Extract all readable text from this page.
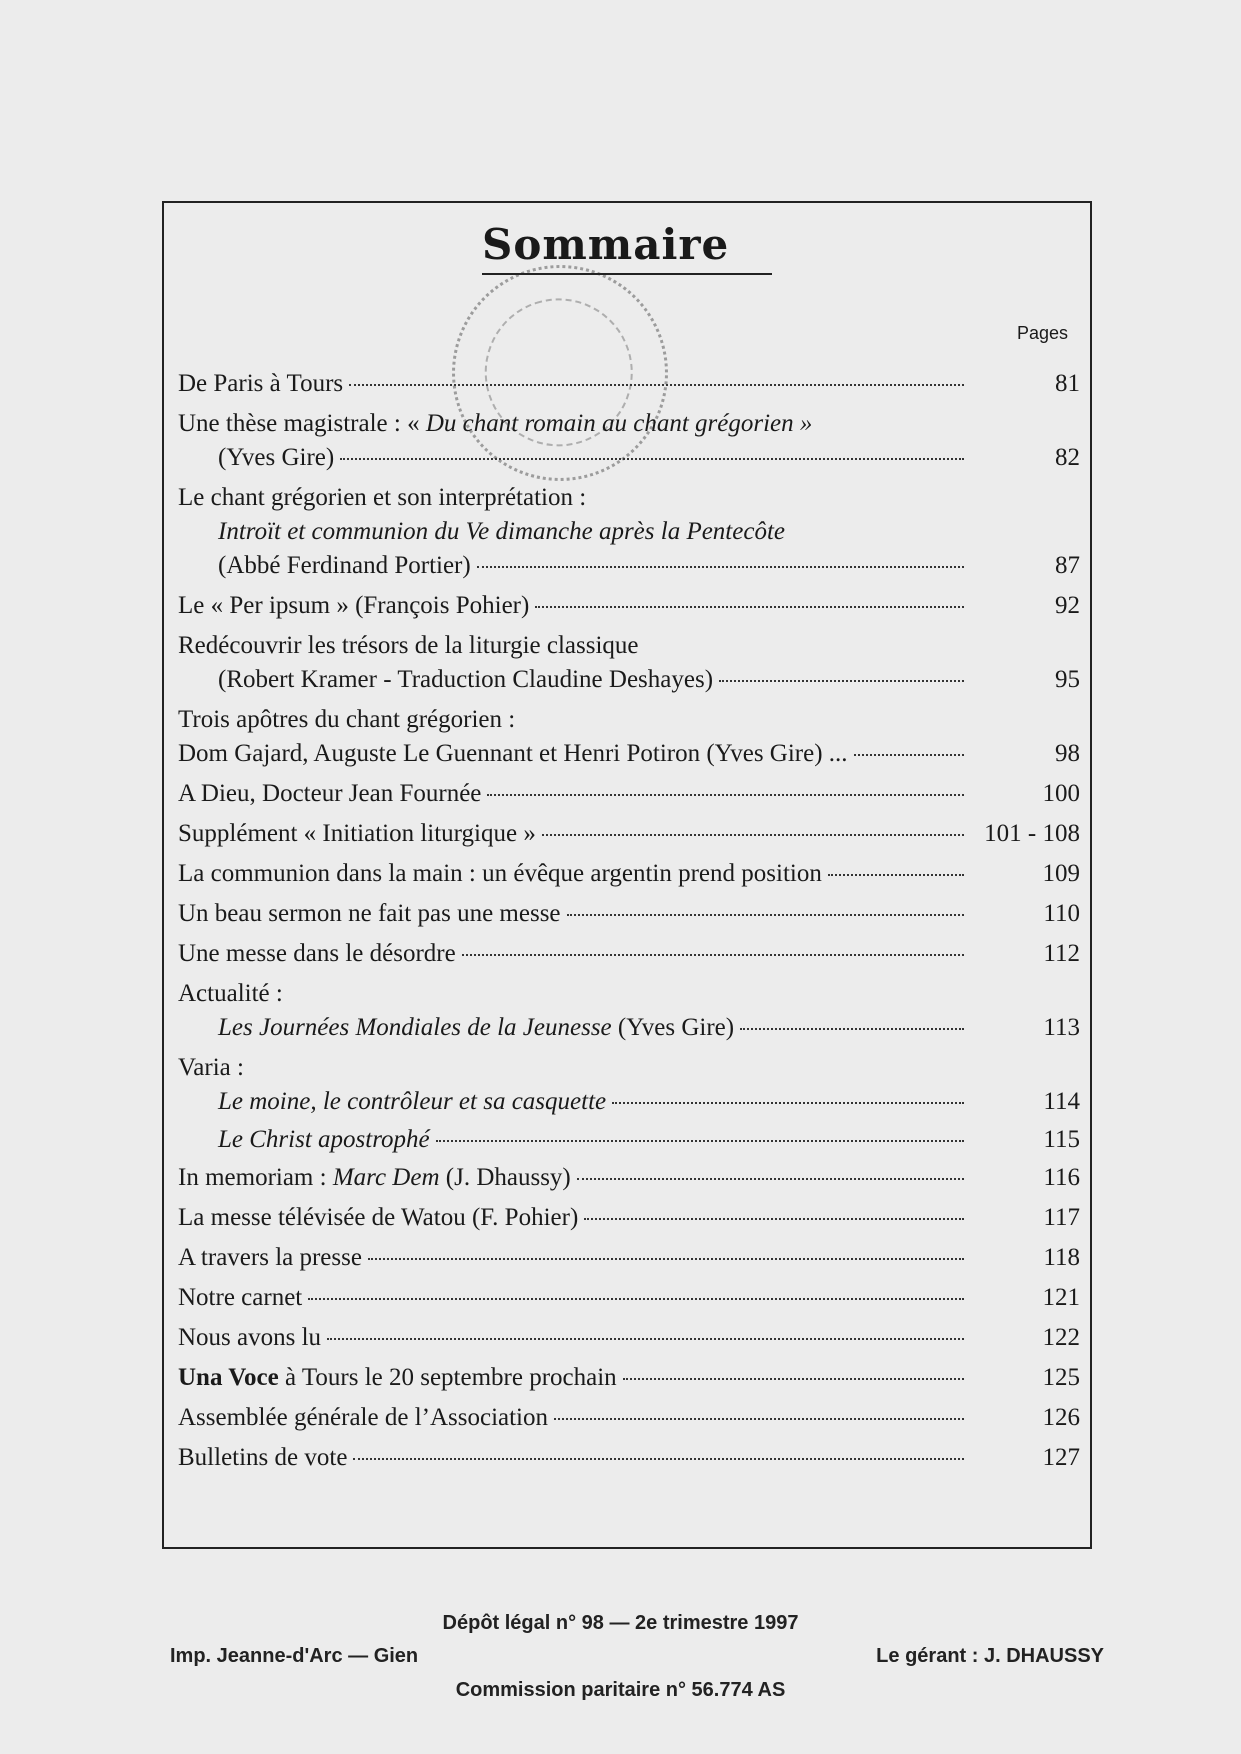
Sommaire
Pages
De Paris à Tours	81
Une thèse magistrale : « Du chant romain au chant grégorien »
(Yves Gire)	82
Le chant grégorien et son interprétation :
Introït et communion du Ve dimanche après la Pentecôte
(Abbé Ferdinand Portier)	87
Le « Per ipsum » (François Pohier)	92
Redécouvrir les trésors de la liturgie classique
(Robert Kramer - Traduction Claudine Deshayes)	95
Trois apôtres du chant grégorien :
Dom Gajard, Auguste Le Guennant et Henri Potiron (Yves Gire) ...	98
A Dieu, Docteur Jean Fournée	100
Supplément « Initiation liturgique »	101 - 108
La communion dans la main : un évêque argentin prend position	109
Un beau sermon ne fait pas une messe	110
Une messe dans le désordre	112
Actualité :
Les Journées Mondiales de la Jeunesse (Yves Gire)	113
Varia :
Le moine, le contrôleur et sa casquette	114
Le Christ apostrophé	115
In memoriam : Marc Dem (J. Dhaussy)	116
La messe télévisée de Watou (F. Pohier)	117
A travers la presse	118
Notre carnet	121
Nous avons lu	122
Una Voce à Tours le 20 septembre prochain	125
Assemblée générale de l’Association	126
Bulletins de vote	127
Dépôt légal n° 98 — 2e trimestre 1997
Imp. Jeanne-d'Arc — Gien	Le gérant : J. DHAUSSY
Commission paritaire n° 56.774 AS
